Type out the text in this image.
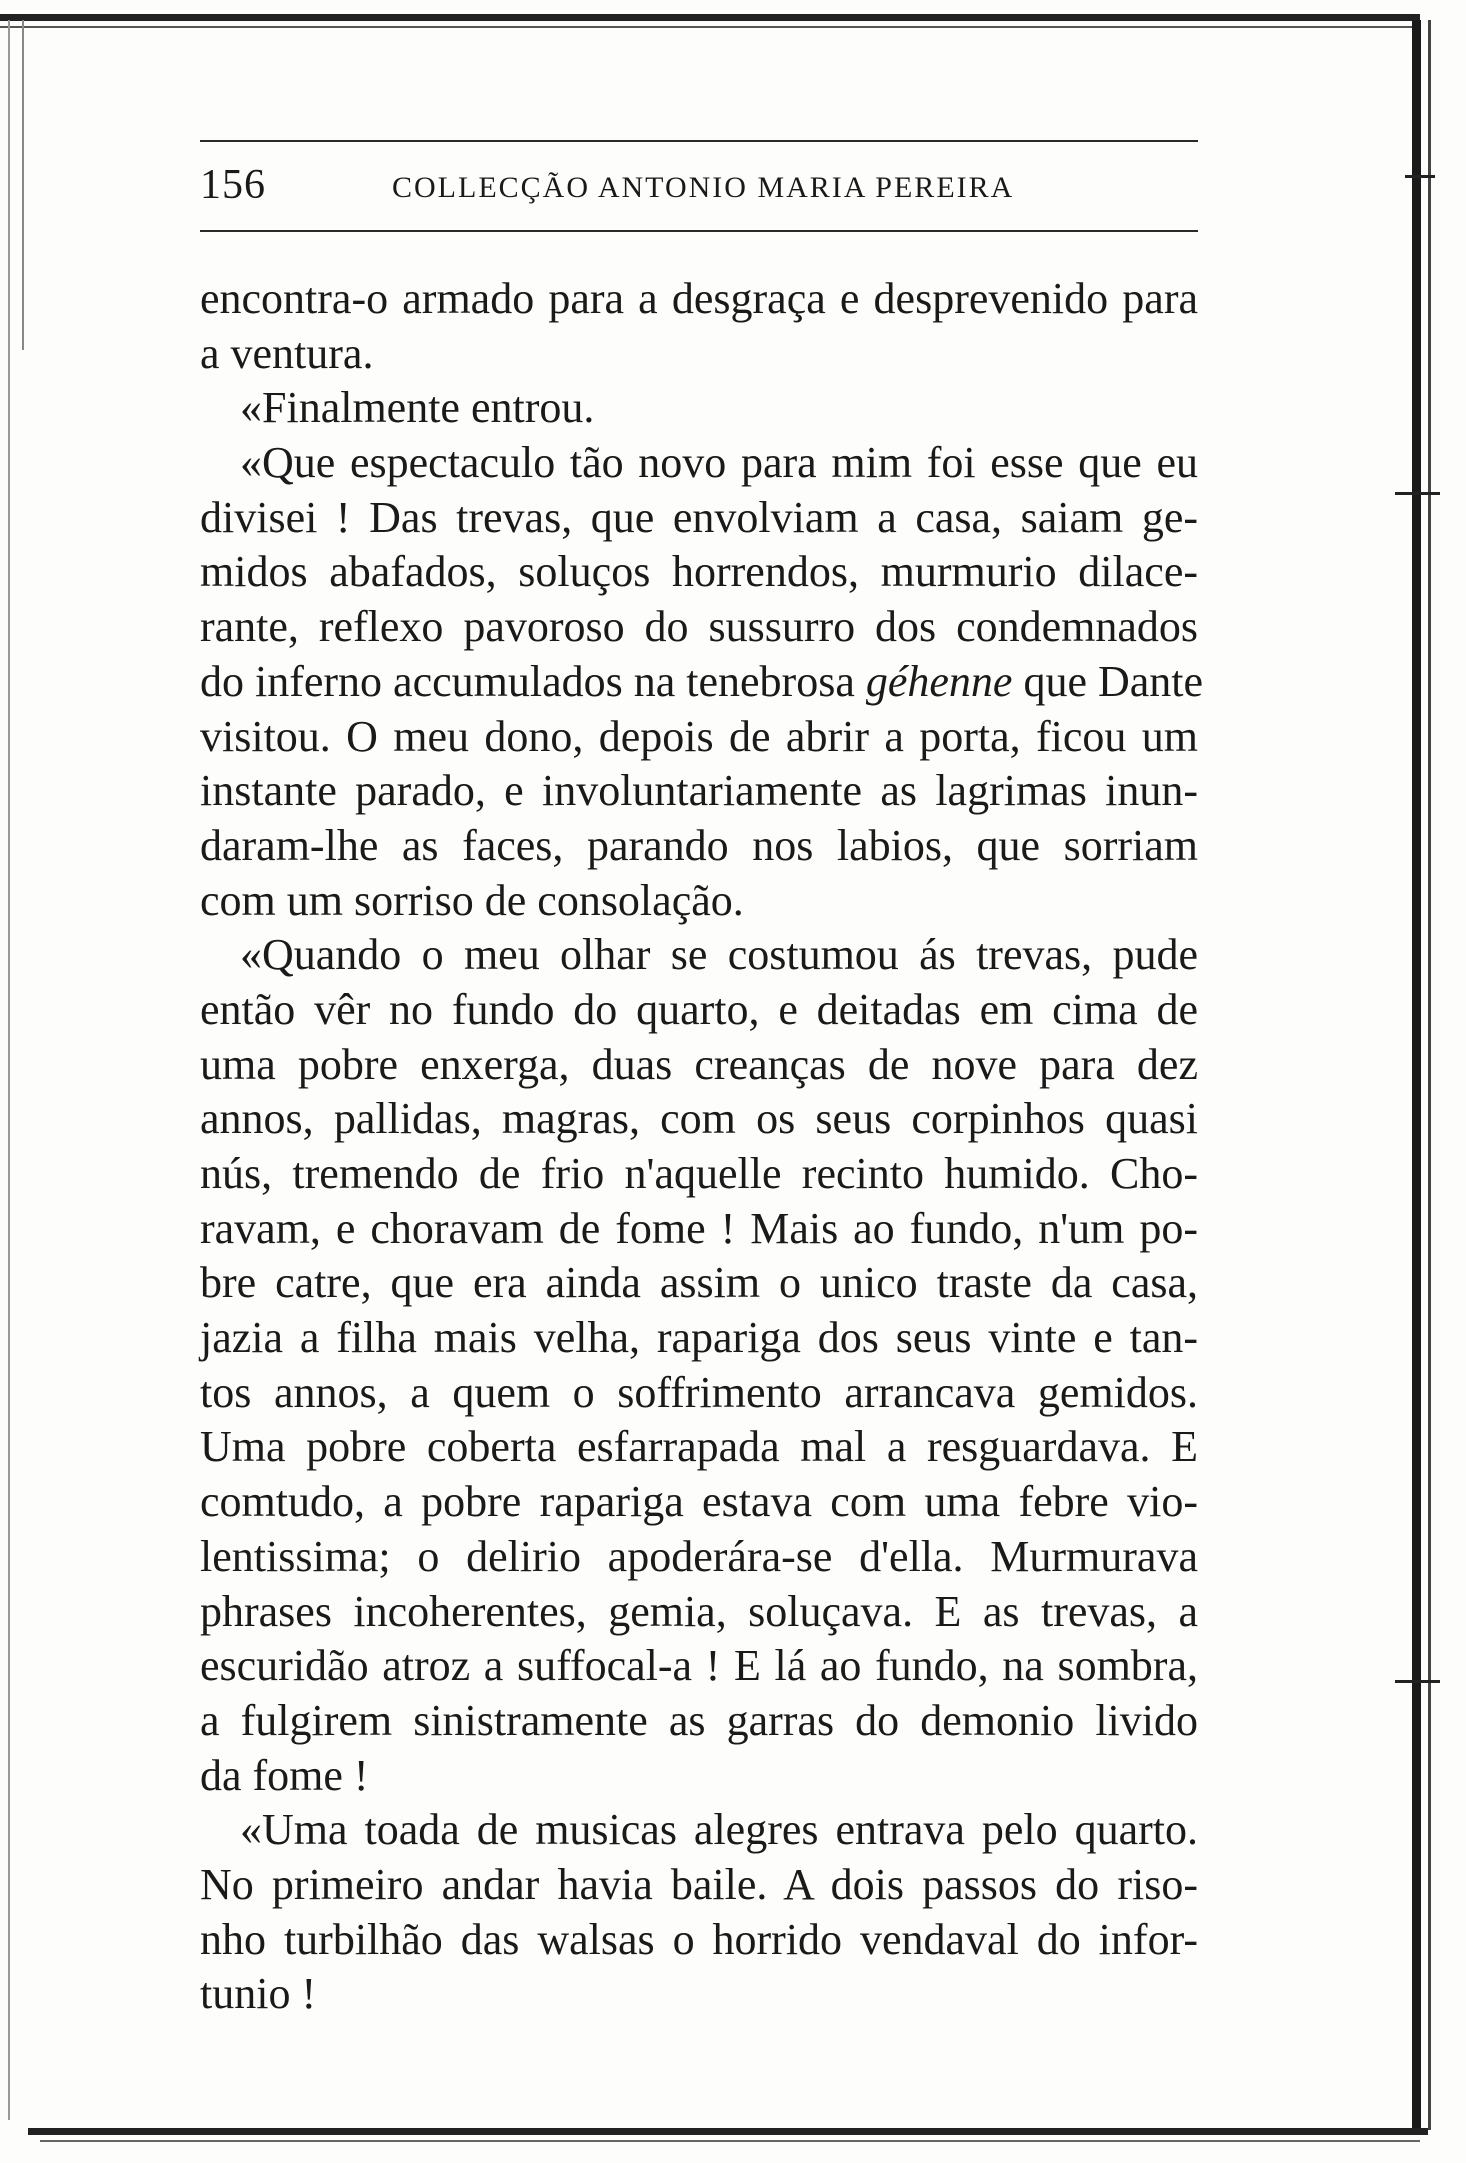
156	COLLECÇÃO ANTONIO MARIA PEREIRA
encontra-o armado para a desgraça e desprevenido para
a ventura.
«Finalmente entrou.
«Que espectaculo tão novo para mim foi esse que eu
divisei ! Das trevas, que envolviam a casa, saiam ge-
midos abafados, soluços horrendos, murmurio dilace-
rante, reflexo pavoroso do sussurro dos condemnados
do inferno accumulados na tenebrosa géhenne que Dante
visitou. O meu dono, depois de abrir a porta, ficou um
instante parado, e involuntariamente as lagrimas inun-
daram-lhe as faces, parando nos labios, que sorriam
com um sorriso de consolação.
«Quando o meu olhar se costumou ás trevas, pude
então vêr no fundo do quarto, e deitadas em cima de
uma pobre enxerga, duas creanças de nove para dez
annos, pallidas, magras, com os seus corpinhos quasi
nús, tremendo de frio n'aquelle recinto humido. Cho-
ravam, e choravam de fome ! Mais ao fundo, n'um po-
bre catre, que era ainda assim o unico traste da casa,
jazia a filha mais velha, rapariga dos seus vinte e tan-
tos annos, a quem o soffrimento arrancava gemidos.
Uma pobre coberta esfarrapada mal a resguardava. E
comtudo, a pobre rapariga estava com uma febre vio-
lentissima; o delirio apoderára-se d'ella. Murmurava
phrases incoherentes, gemia, soluçava. E as trevas, a
escuridão atroz a suffocal-a ! E lá ao fundo, na sombra,
a fulgirem sinistramente as garras do demonio livido
da fome !
«Uma toada de musicas alegres entrava pelo quarto.
No primeiro andar havia baile. A dois passos do riso-
nho turbilhão das walsas o horrido vendaval do infor-
tunio !
